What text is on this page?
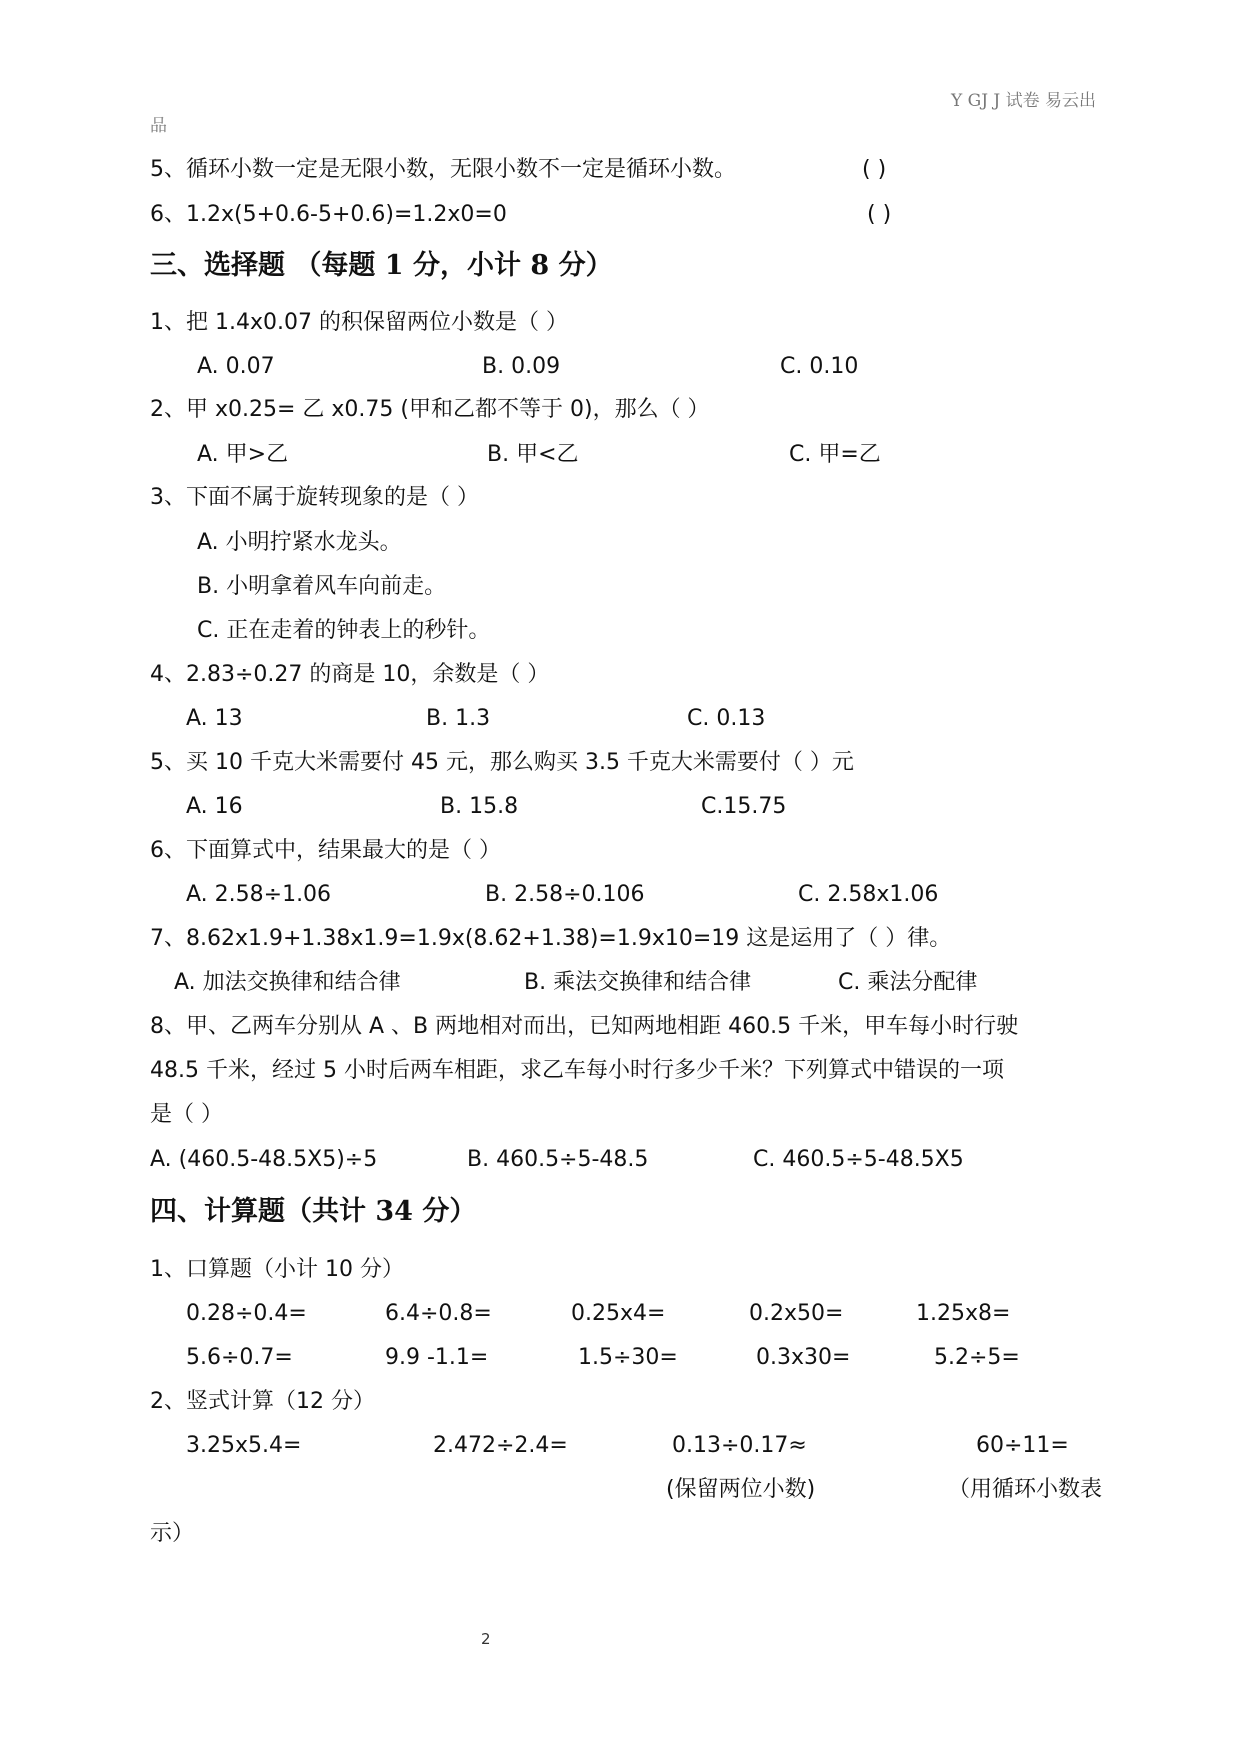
Y GJ J 试卷 易云出
品
5、循环小数一定是无限小数，无限小数不一定是循环小数。	( )
6、1.2x(5+0.6-5+0.6)=1.2x0=0	( )
三、选择题 （每题 1 分，小计 8 分）
1、把 1.4x0.07 的积保留两位小数是（ ）
A. 0.07	B. 0.09	C. 0.10
2、甲 x0.25= 乙 x0.75 (甲和乙都不等于 0)，那么（ ）
A. 甲>乙	B. 甲<乙	C. 甲=乙
3、下面不属于旋转现象的是（ ）
A. 小明拧紧水龙头。
B. 小明拿着风车向前走。
C. 正在走着的钟表上的秒针。
4、2.83÷0.27 的商是 10，余数是（ ）
A. 13	B. 1.3	C. 0.13
5、买 10 千克大米需要付 45 元，那么购买 3.5 千克大米需要付（ ）元
A. 16	B. 15.8	C.15.75
6、下面算式中，结果最大的是（ ）
A. 2.58÷1.06	B. 2.58÷0.106	C. 2.58x1.06
7、8.62x1.9+1.38x1.9=1.9x(8.62+1.38)=1.9x10=19 这是运用了（ ）律。
A. 加法交换律和结合律	B. 乘法交换律和结合律	C. 乘法分配律
8、甲、乙两车分别从 A 、B 两地相对而出，已知两地相距 460.5 千米，甲车每小时行驶
48.5 千米，经过 5 小时后两车相距，求乙车每小时行多少千米？下列算式中错误的一项
是（ ）
A. (460.5-48.5X5)÷5	B. 460.5÷5-48.5	C. 460.5÷5-48.5X5
四、计算题（共计 34 分）
1、口算题（小计 10 分）
0.28÷0.4=	6.4÷0.8=	0.25x4=	0.2x50=	1.25x8=
5.6÷0.7=	9.9 -1.1=	1.5÷30=	0.3x30=	5.2÷5=
2、竖式计算（12 分）
3.25x5.4=	2.472÷2.4=	0.13÷0.17≈	60÷11=
(保留两位小数)	（用循环小数表
示）
2
